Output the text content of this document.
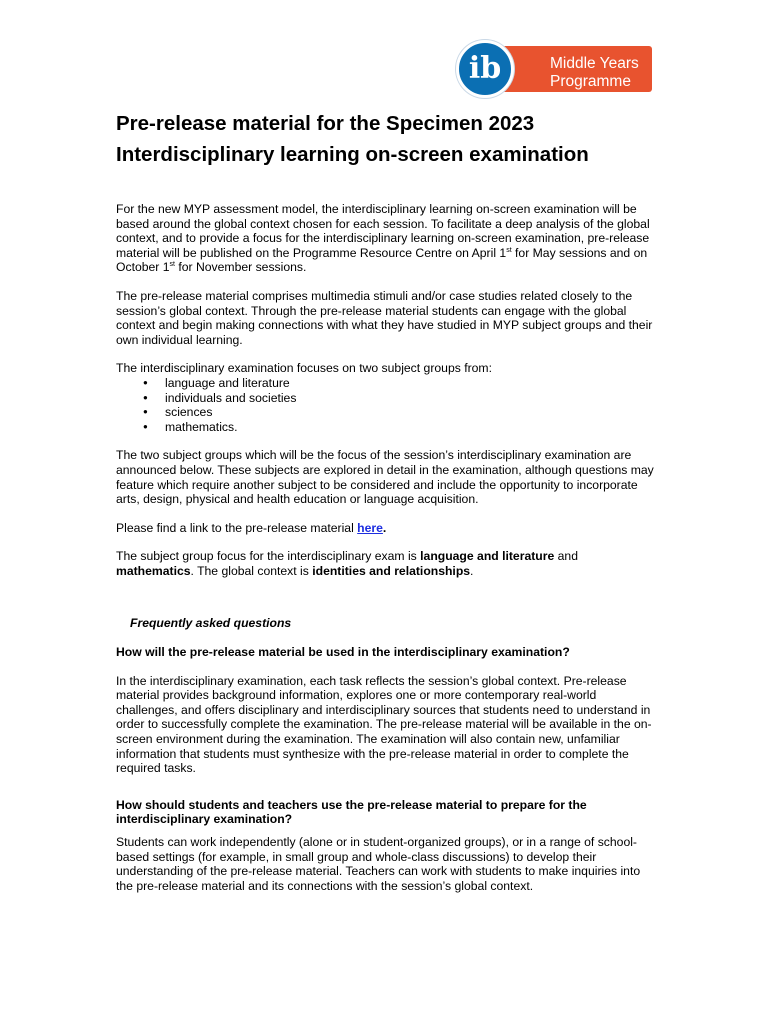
Middle Years
Programme
ib
Pre-release material for the Specimen 2023
Interdisciplinary learning on-screen examination

For the new MYP assessment model, the interdisciplinary learning on-screen examination will be based around the global context chosen for each session. To facilitate a deep analysis of the global context, and to provide a focus for the interdisciplinary learning on-screen examination, pre-release material will be published on the Programme Resource Centre on April 1st for May sessions and on October 1st for November sessions.

The pre-release material comprises multimedia stimuli and/or case studies related closely to the session’s global context. Through the pre-release material students can engage with the global context and begin making connections with what they have studied in MYP subject groups and their own individual learning.

The interdisciplinary examination focuses on two subject groups from:

● language and literature
● individuals and societies
● sciences
● mathematics.

The two subject groups which will be the focus of the session’s interdisciplinary examination are announced below. These subjects are explored in detail in the examination, although questions may feature which require another subject to be considered and include the opportunity to incorporate arts, design, physical and health education or language acquisition.

Please find a link to the pre-release material here.

The subject group focus for the interdisciplinary exam is language and literature and mathematics. The global context is identities and relationships.

Frequently asked questions

How will the pre-release material be used in the interdisciplinary examination?

In the interdisciplinary examination, each task reflects the session’s global context. Pre-release material provides background information, explores one or more contemporary real-world challenges, and offers disciplinary and interdisciplinary sources that students need to understand in order to successfully complete the examination. The pre-release material will be available in the on-screen environment during the examination. The examination will also contain new, unfamiliar information that students must synthesize with the pre-release material in order to complete the required tasks.

How should students and teachers use the pre-release material to prepare for the interdisciplinary examination?

Students can work independently (alone or in student-organized groups), or in a range of school-based settings (for example, in small group and whole-class discussions) to develop their understanding of the pre-release material. Teachers can work with students to make inquiries into the pre-release material and its connections with the session’s global context.
